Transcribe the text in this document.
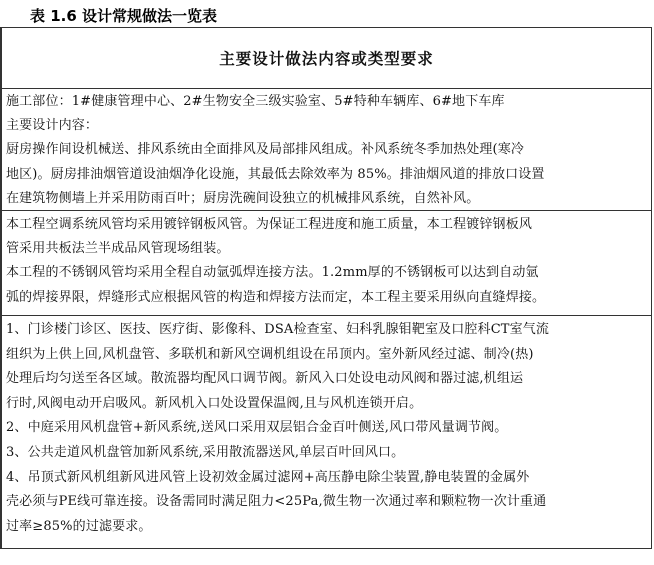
表 1.6 设计常规做法一览表
主要设计做法内容或类型要求
施工部位：1#健康管理中心、2#生物安全三级实验室、5#特种车辆库、6#地下车库
主要设计内容：
厨房操作间设机械送、排风系统由全面排风及局部排风组成。补风系统冬季加热处理(寒冷
地区)。厨房排油烟管道设油烟净化设施，其最低去除效率为 85%。排油烟风道的排放口设置
在建筑物侧墙上并采用防雨百叶；厨房洗碗间设独立的机械排风系统，自然补风。
本工程空调系统风管均采用镀锌钢板风管。为保证工程进度和施工质量，本工程镀锌钢板风
管采用共板法兰半成品风管现场组装。
本工程的不锈钢风管均采用全程自动氩弧焊连接方法。1.2mm厚的不锈钢板可以达到自动氩
弧的焊接界限，焊缝形式应根据风管的构造和焊接方法而定，本工程主要采用纵向直缝焊接。
1、门诊楼门诊区、医技、医疗街、影像科、DSA检查室、妇科乳腺钼靶室及口腔科CT室气流
组织为上供上回,风机盘管、多联机和新风空调机组设在吊顶内。室外新风经过滤、制冷(热)
处理后均匀送至各区域。散流器均配风口调节阀。新风入口处设电动风阀和器过滤,机组运
行时,风阀电动开启吸风。新风机入口处设置保温阀,且与风机连锁开启。
2、中庭采用风机盘管+新风系统,送风口采用双层铝合金百叶侧送,风口带风量调节阀。
3、公共走道风机盘管加新风系统,采用散流器送风,单层百叶回风口。
4、吊顶式新风机组新风进风管上设初效金属过滤网+高压静电除尘装置,静电装置的金属外
壳必须与PE线可靠连接。设备需同时满足阻力<25Pa,微生物一次通过率和颗粒物一次计重通
过率≥85%的过滤要求。
